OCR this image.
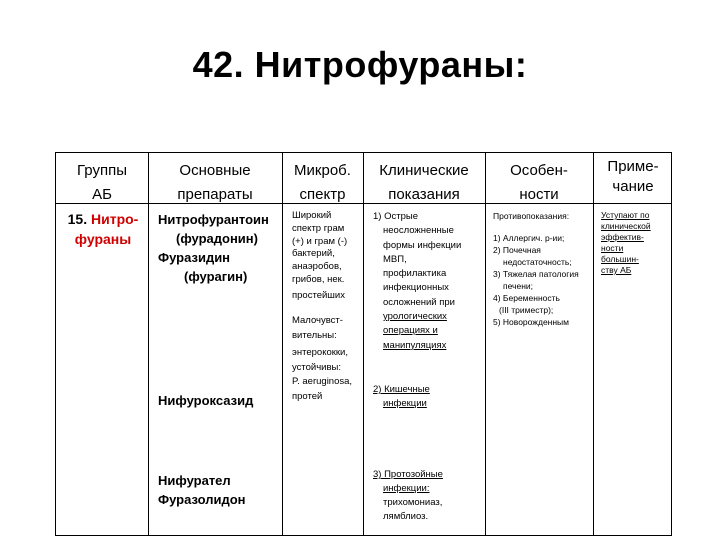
42. Нитрофураны:
Группы
АБ
Основные
препараты
Микроб.
спектр
Клинические
показания
Особен-
ности
Приме-
чание
15. Нитро-
фураны
Нитрофурантоин
(фурадонин)
Фуразидин
(фурагин)
Нифуроксазид
Нифурател
Фуразолидон
Широкий
спектр грам
(+) и грам (-)
бактерий,
анаэробов,
грибов, нек.
простейших
Малочувст-
вительны:
энтерококки,
устойчивы:
P. aeruginosa,
протей
1) Острые
неосложненные
формы инфекции
МВП,
профилактика
инфекционных
осложнений при
урологических
операциях и
манипуляциях
2) Кишечные
инфекции
3) Протозойные
инфекции:
трихомониаз,
лямблиоз.
Противопоказания:
1) Аллергич. р-ии;
2) Почечная
недостаточность;
3) Тяжелая патология
печени;
4) Беременность
(III триместр);
5) Новорожденным
Уступают по
клинической
эффектив-
ности
большин-
ству АБ
